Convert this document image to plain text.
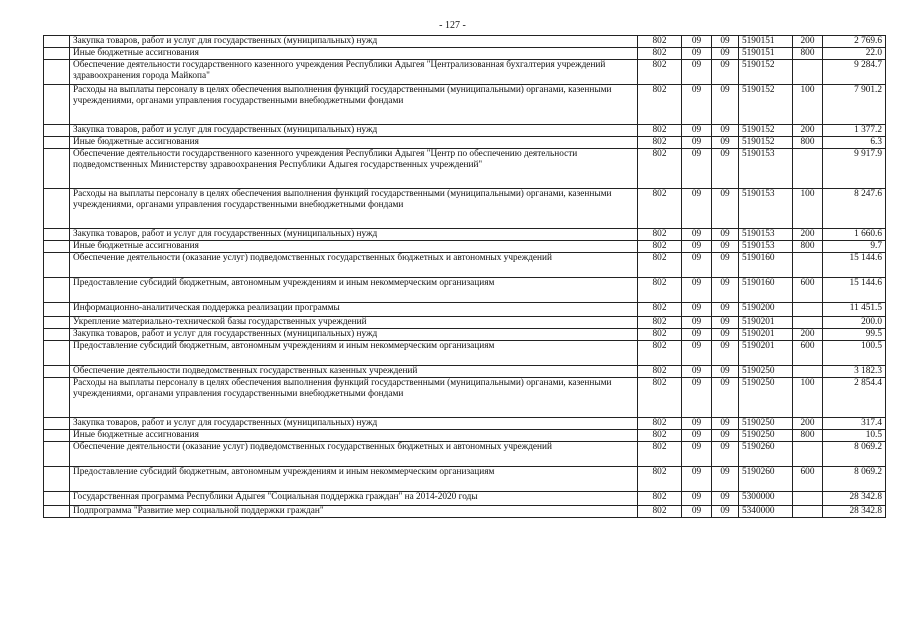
- 127 -
	Закупка товаров, работ и услуг для государственных (муниципальных) нужд	802	09	09	5190151	200	2 769.6
	Иные бюджетные ассигнования	802	09	09	5190151	800	22.0
	Обеспечение деятельности государственного казенного учреждения Республики Адыгея "Централизованная бухгалтерия учреждений здравоохранения города Майкопа"	802	09	09	5190152		9 284.7
	Расходы на выплаты персоналу в целях обеспечения выполнения функций государственными (муниципальными) органами, казенными учреждениями, органами управления государственными внебюджетными фондами	802	09	09	5190152	100	7 901.2
	Закупка товаров, работ и услуг для государственных (муниципальных) нужд	802	09	09	5190152	200	1 377.2
	Иные бюджетные ассигнования	802	09	09	5190152	800	6.3
	Обеспечение деятельности государственного казенного учреждения Республики Адыгея "Центр по обеспечению деятельности подведомственных Министерству здравоохранения Республики Адыгея государственных учреждений"	802	09	09	5190153		9 917.9
	Расходы на выплаты персоналу в целях обеспечения выполнения функций государственными (муниципальными) органами, казенными учреждениями, органами управления государственными внебюджетными фондами	802	09	09	5190153	100	8 247.6
	Закупка товаров, работ и услуг для государственных (муниципальных) нужд	802	09	09	5190153	200	1 660.6
	Иные бюджетные ассигнования	802	09	09	5190153	800	9.7
	Обеспечение деятельности (оказание услуг) подведомственных государственных бюджетных и автономных учреждений	802	09	09	5190160		15 144.6
	Предоставление субсидий бюджетным, автономным учреждениям и иным некоммерческим организациям	802	09	09	5190160	600	15 144.6
	Информационно-аналитическая поддержка реализации программы	802	09	09	5190200		11 451.5
	Укрепление материально-технической базы государственных учреждений	802	09	09	5190201		200.0
	Закупка товаров, работ и услуг для государственных (муниципальных) нужд	802	09	09	5190201	200	99.5
	Предоставление субсидий бюджетным, автономным учреждениям и иным некоммерческим организациям	802	09	09	5190201	600	100.5
	Обеспечение деятельности подведомственных государственных казенных учреждений	802	09	09	5190250		3 182.3
	Расходы на выплаты персоналу в целях обеспечения выполнения функций государственными (муниципальными) органами, казенными учреждениями, органами управления государственными внебюджетными фондами	802	09	09	5190250	100	2 854.4
	Закупка товаров, работ и услуг для государственных (муниципальных) нужд	802	09	09	5190250	200	317.4
	Иные бюджетные ассигнования	802	09	09	5190250	800	10.5
	Обеспечение деятельности (оказание услуг) подведомственных государственных бюджетных и автономных учреждений	802	09	09	5190260		8 069.2
	Предоставление субсидий бюджетным, автономным учреждениям и иным некоммерческим организациям	802	09	09	5190260	600	8 069.2
	Государственная программа Республики Адыгея "Социальная поддержка граждан" на 2014-2020 годы	802	09	09	5300000		28 342.8
	Подпрограмма "Развитие мер социальной поддержки граждан"	802	09	09	5340000		28 342.8
